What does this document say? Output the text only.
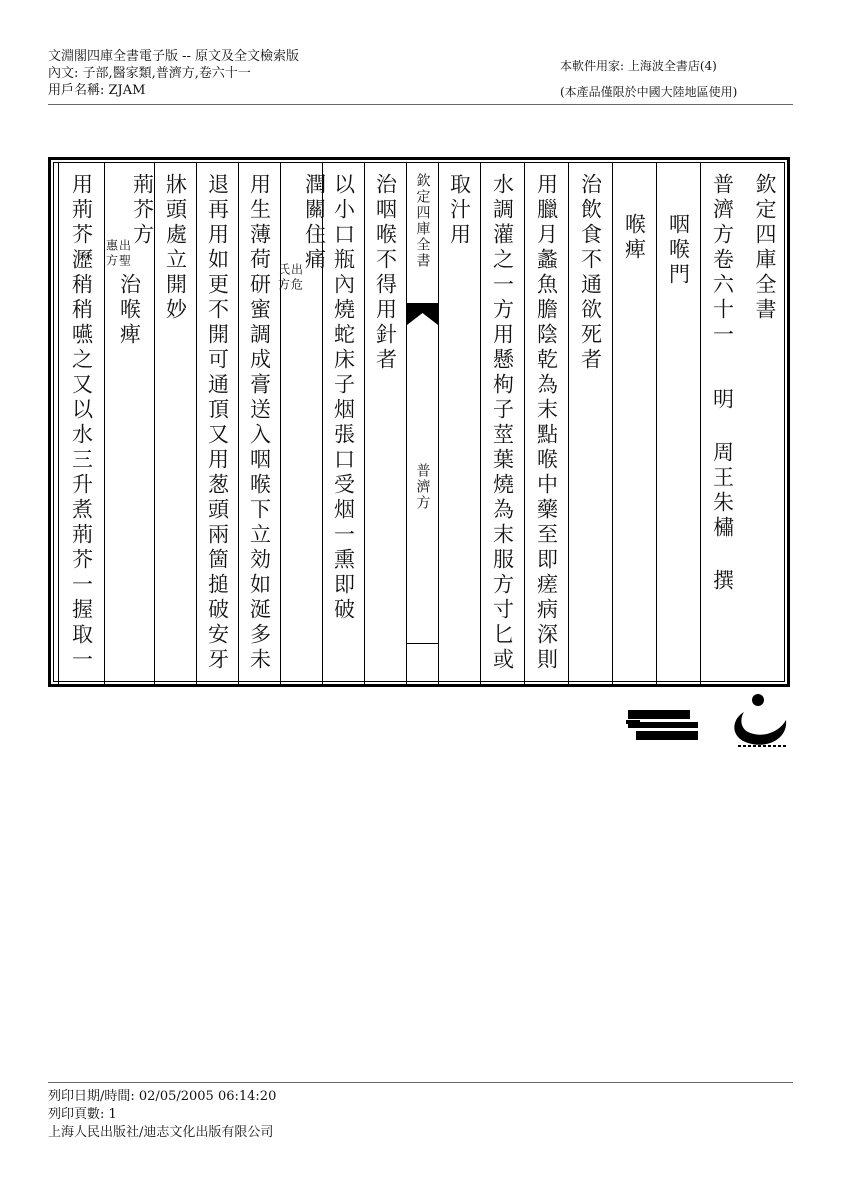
文淵閣四庫全書電子版 -- 原文及全文檢索版
內文: 子部,醫家類,普濟方,卷六十一
用戶名稱: ZJAM
本軟件用家: 上海波全書店(4)
(本產品僅限於中國大陸地區使用)
欽定四庫全書
普濟方卷六十一
明 周王朱橚 撰
咽喉門
喉痺
治飲食不通欲死者
用臘月蠡魚膽陰乾為末點喉中藥至即瘥病深則
水調灌之一方用懸枸子莖葉燒為末服方寸匕或
取汁用
欽定四庫全書
普濟方
治咽喉不得用針者
以小口瓶內燒蛇床子烟張口受烟一熏即破
潤關住痛
出危
氏方
用生薄荷研蜜調成膏送入咽喉下立効如涎多未
退再用如更不開可通頂又用葱頭兩箇搥破安牙
牀頭處立開妙
荊芥方
出聖
惠方
治喉痺
用荊芥瀝稍稍嚥之又以水三升煮荊芥一握取一
列印日期/時間: 02/05/2005 06:14:20
列印頁數: 1
上海人民出版社/迪志文化出版有限公司
